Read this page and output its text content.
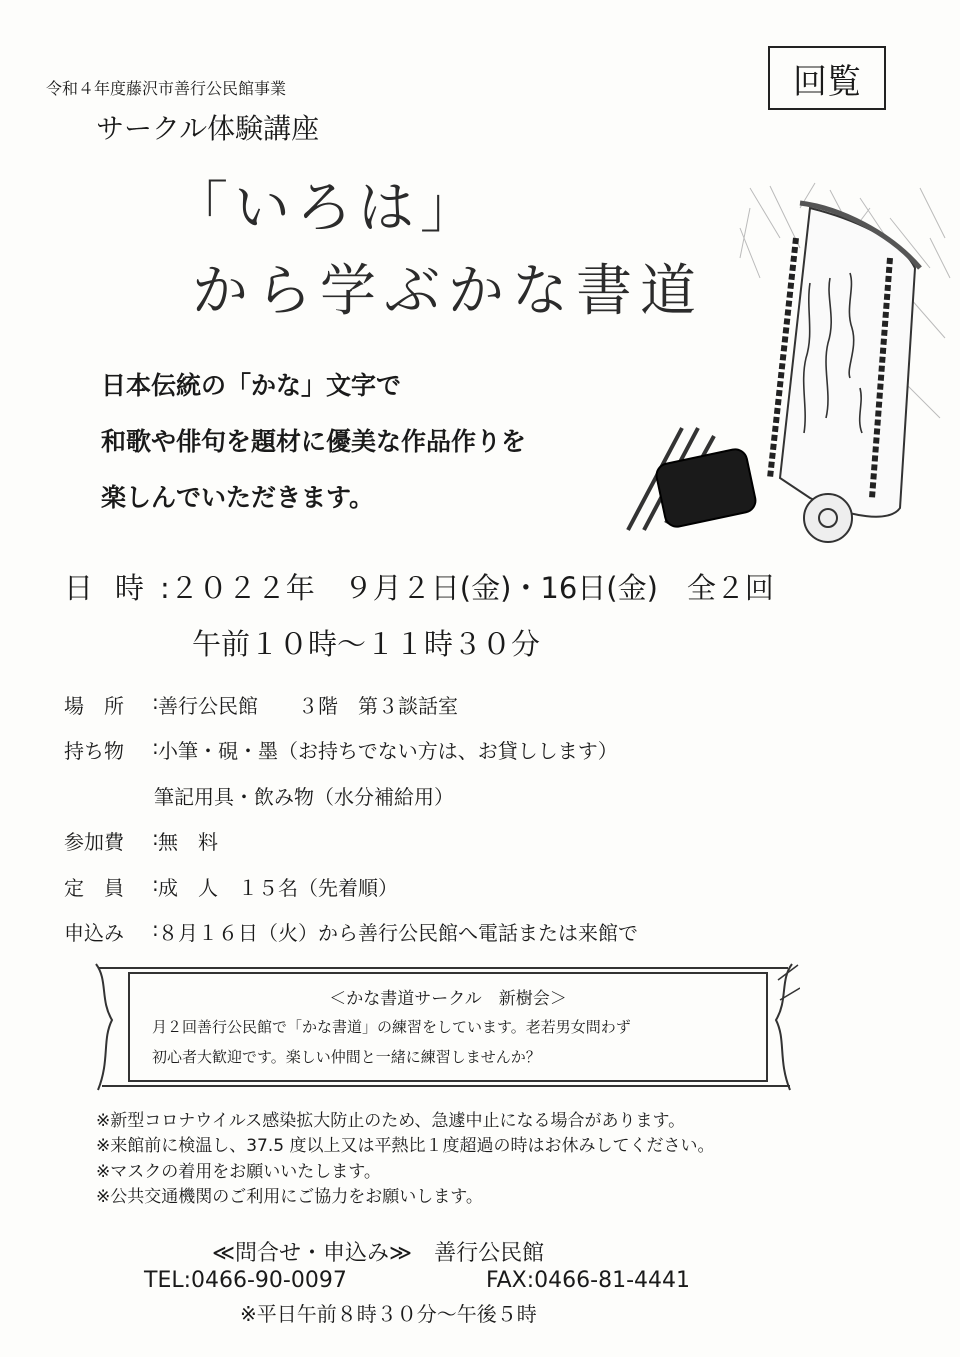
令和４年度藤沢市善行公民館事業
サークル体験講座
「いろは」
から学ぶかな書道
回覧
日本伝統の「かな」文字で
和歌や俳句を題材に優美な作品作りを
楽しんでいただきます。
日時
:２０２２年　９月２日(金)・16日(金)　全２回
午前１０時～１１時３０分
場　所	: 善行公民館　　３階　第３談話室
持ち物	: 小筆・硯・墨（お持ちでない方は、お貸しします）
筆記用具・飲み物（水分補給用）
参加費	: 無　料
定　員	: 成　人　１５名（先着順）
申込み	: ８月１６日（火）から善行公民館へ電話または来館で
＜かな書道サークル　新樹会＞
月２回善行公民館で「かな書道」の練習をしています。老若男女問わず
初心者大歓迎です。楽しい仲間と一緒に練習しませんか？
※新型コロナウイルス感染拡大防止のため、急遽中止になる場合があります。
※来館前に検温し、37.5 度以上又は平熱比１度超過の時はお休みしてください。
※マスクの着用をお願いいたします。
※公共交通機関のご利用にご協力をお願いします。
≪問合せ・申込み≫　善行公民館
TEL:0466-90-0097	FAX:0466-81-4441
※平日午前８時３０分～午後５時
